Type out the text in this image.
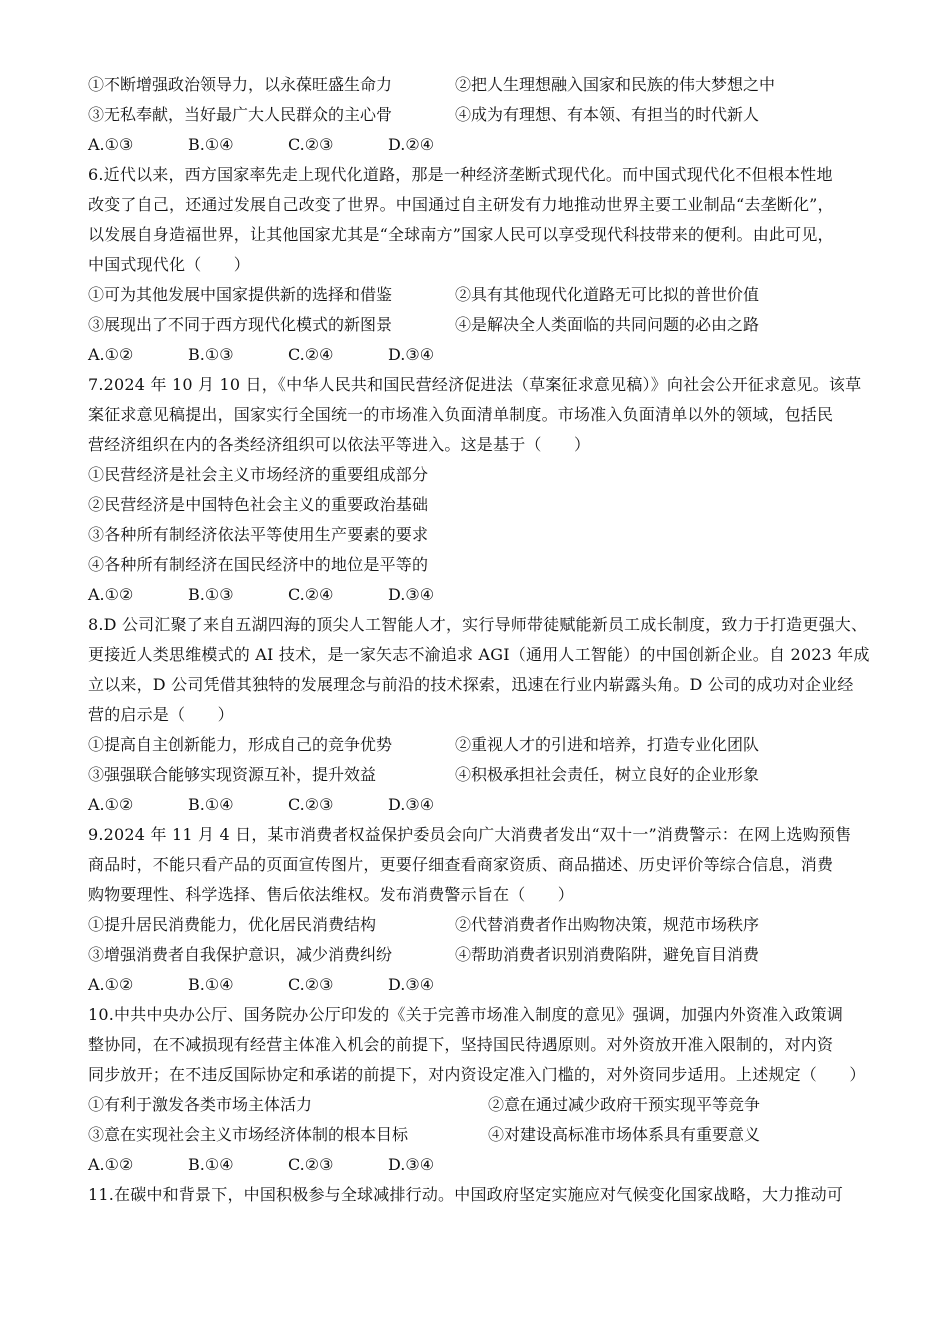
①不断增强政治领导力，以永葆旺盛生命力	②把人生理想融入国家和民族的伟大梦想之中
③无私奉献，当好最广大人民群众的主心骨	④成为有理想、有本领、有担当的时代新人
A.①③	B.①④	C.②③	D.②④
6.近代以来，西方国家率先走上现代化道路，那是一种经济垄断式现代化。而中国式现代化不但根本性地
改变了自己，还通过发展自己改变了世界。中国通过自主研发有力地推动世界主要工业制品“去垄断化”，
以发展自身造福世界，让其他国家尤其是“全球南方”国家人民可以享受现代科技带来的便利。由此可见，
中国式现代化（　　）
①可为其他发展中国家提供新的选择和借鉴	②具有其他现代化道路无可比拟的普世价值
③展现出了不同于西方现代化模式的新图景	④是解决全人类面临的共同问题的必由之路
A.①②	B.①③	C.②④	D.③④
7.2024 年 10 月 10 日，《中华人民共和国民营经济促进法（草案征求意见稿）》向社会公开征求意见。该草
案征求意见稿提出，国家实行全国统一的市场准入负面清单制度。市场准入负面清单以外的领域，包括民
营经济组织在内的各类经济组织可以依法平等进入。这是基于（　　）
①民营经济是社会主义市场经济的重要组成部分
②民营经济是中国特色社会主义的重要政治基础
③各种所有制经济依法平等使用生产要素的要求
④各种所有制经济在国民经济中的地位是平等的
A.①②	B.①③	C.②④	D.③④
8.D 公司汇聚了来自五湖四海的顶尖人工智能人才，实行导师带徒赋能新员工成长制度，致力于打造更强大、
更接近人类思维模式的 AI 技术，是一家矢志不渝追求 AGI（通用人工智能）的中国创新企业。自 2023 年成
立以来，D 公司凭借其独特的发展理念与前沿的技术探索，迅速在行业内崭露头角。D 公司的成功对企业经
营的启示是（　　）
①提高自主创新能力，形成自己的竞争优势	②重视人才的引进和培养，打造专业化团队
③强强联合能够实现资源互补，提升效益	④积极承担社会责任，树立良好的企业形象
A.①②	B.①④	C.②③	D.③④
9.2024 年 11 月 4 日，某市消费者权益保护委员会向广大消费者发出“双十一”消费警示：在网上选购预售
商品时，不能只看产品的页面宣传图片，更要仔细查看商家资质、商品描述、历史评价等综合信息，消费
购物要理性、科学选择、售后依法维权。发布消费警示旨在（　　）
①提升居民消费能力，优化居民消费结构	②代替消费者作出购物决策，规范市场秩序
③增强消费者自我保护意识，减少消费纠纷	④帮助消费者识别消费陷阱，避免盲目消费
A.①②	B.①④	C.②③	D.③④
10.中共中央办公厅、国务院办公厅印发的《关于完善市场准入制度的意见》强调，加强内外资准入政策调
整协同，在不减损现有经营主体准入机会的前提下，坚持国民待遇原则。对外资放开准入限制的，对内资
同步放开；在不违反国际协定和承诺的前提下，对内资设定准入门槛的，对外资同步适用。上述规定（　　）
①有利于激发各类市场主体活力	②意在通过减少政府干预实现平等竞争
③意在实现社会主义市场经济体制的根本目标	④对建设高标准市场体系具有重要意义
A.①②	B.①④	C.②③	D.③④
11.在碳中和背景下，中国积极参与全球减排行动。中国政府坚定实施应对气候变化国家战略，大力推动可
